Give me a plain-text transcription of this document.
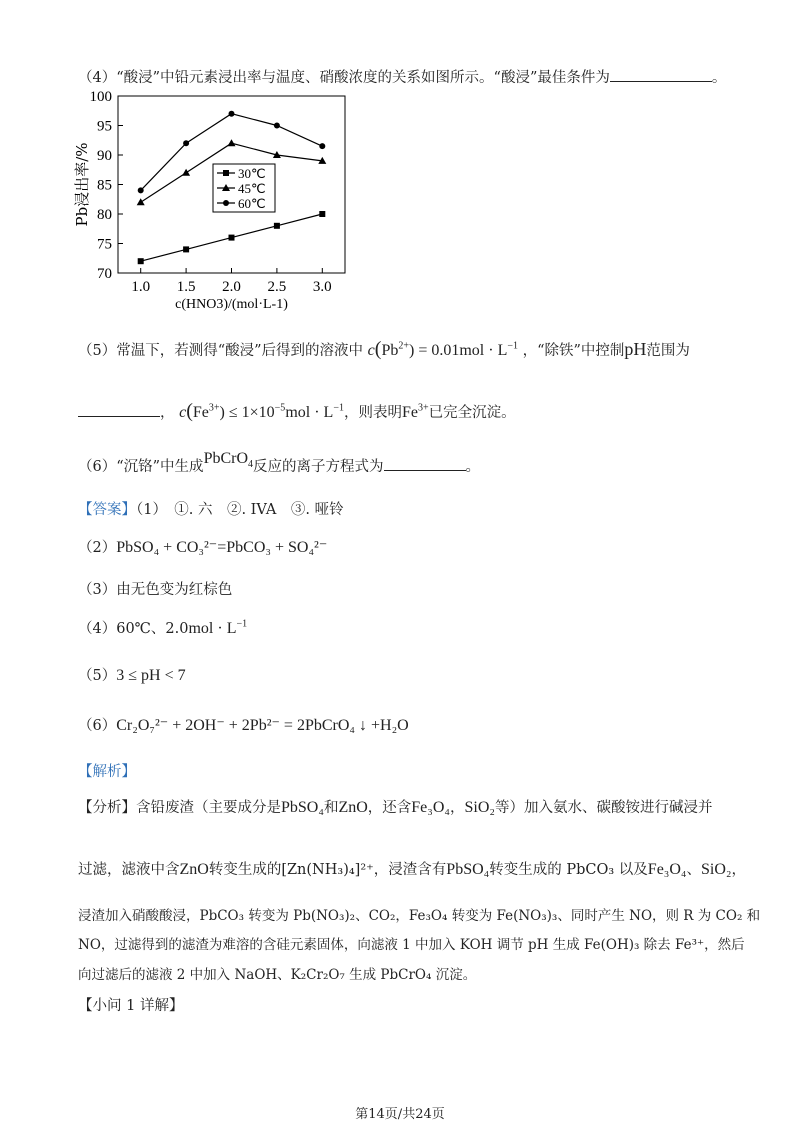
（4）“酸浸”中铅元素浸出率与温度、硝酸浓度的关系如图所示。“酸浸”最佳条件为	。
70
75
80
85
90
95
100
1.0 1.5 2.0 2.5 3.0
c(HNO3)/(mol·L-1)
Pb浸出率/%	30℃
45℃
60℃
（5）常温下，若测得“酸浸”后得到的溶液中 $c(Pb^{2+}) = 0.01mol \cdot L^{-1}$ ，“除铁”中控制pH范围为
， $c(Fe^{3+}) \le 1\times 10^{-5}mol \cdot L^{-1}$，则表明$Fe^{3+}$已完全沉淀。
（6）“沉铬”中生成PbCrO$_4$反应的离子方程式为	。
【答案】（1）　①. 六　②. IVA　③. 哑铃
（2）PbSO₄ + CO₃²⁻=PbCO₃ + SO₄²⁻
（3）由无色变为红棕色
（4）60℃、$2.0mol \cdot L^{-1}$
（5）3 ≤ pH < 7
（6）Cr₂O₇²⁻ + 2OH⁻ + 2Pb²⁻ = 2PbCrO₄ ↓ +H₂O
【解析】
【分析】含铅废渣（主要成分是PbSO₄和ZnO，还含Fe₃O₄，SiO₂等）加入氨水、碳酸铵进行碱浸并
过滤，滤液中含ZnO转变生成的[Zn(NH₃)₄]²⁺，浸渣含有PbSO₄转变生成的 PbCO₃ 以及Fe₃O₄、SiO₂，
浸渣加入硝酸酸浸，PbCO₃ 转变为 Pb(NO₃)₂、CO₂，Fe₃O₄ 转变为 Fe(NO₃)₃、同时产生 NO，则 R 为 CO₂ 和
NO，过滤得到的滤渣为难溶的含硅元素固体，向滤液 1 中加入 KOH 调节 pH 生成 Fe(OH)₃ 除去 Fe³⁺，然后
向过滤后的滤液 2 中加入 NaOH、K₂Cr₂O₇ 生成 PbCrO₄ 沉淀。
【小问 1 详解】
第14页/共24页
